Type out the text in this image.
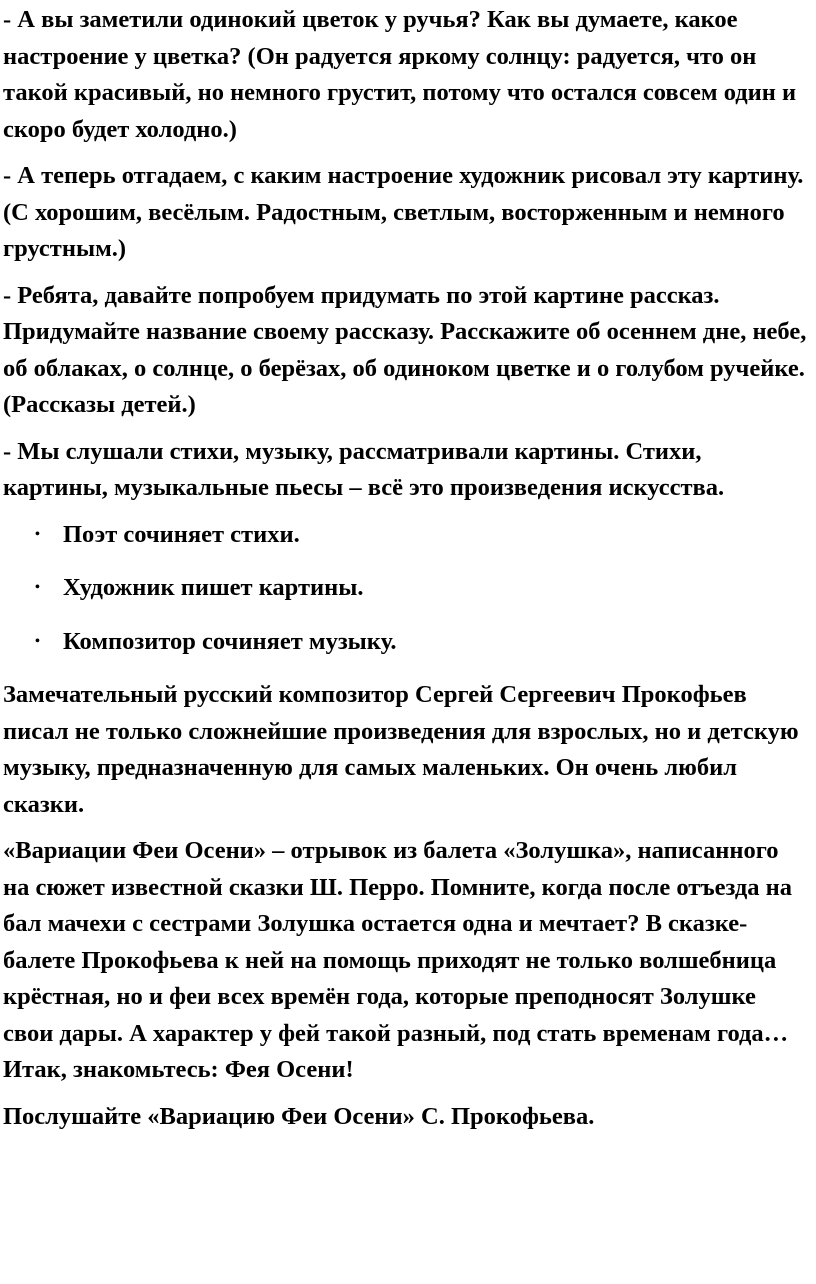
- А вы заметили одинокий цветок у ручья? Как вы думаете, какое настроение у цветка? (Он радуется яркому солнцу: радуется, что он такой красивый, но немного грустит, потому что остался совсем один и скоро будет холодно.)

- А теперь отгадаем, с каким настроение художник рисовал эту картину. (С хорошим, весёлым. Радостным, светлым, восторженным и немного грустным.)

- Ребята, давайте попробуем придумать по этой картине рассказ. Придумайте название своему рассказу. Расскажите об осеннем дне, небе, об облаках, о солнце, о берёзах, об одиноком цветке и о голубом ручейке. (Рассказы детей.)

- Мы слушали стихи, музыку, рассматривали картины. Стихи, картины, музыкальные пьесы – всё это произведения искусства.

• Поэт сочиняет стихи.
• Художник пишет картины.
• Композитор сочиняет музыку.

Замечательный русский композитор Сергей Сергеевич Прокофьев писал не только сложнейшие произведения для взрослых, но и детскую музыку, предназначенную для самых маленьких. Он очень любил сказки.

«Вариации Феи Осени» – отрывок из балета «Золушка», написанного на сюжет известной сказки Ш. Перро. Помните, когда после отъезда на бал мачехи с сестрами Золушка остается одна и мечтает? В сказке-балете Прокофьева к ней на помощь приходят не только волшебница крёстная, но и феи всех времён года, которые преподносят Золушке свои дары. А характер у фей такой разный, под стать временам года… Итак, знакомьтесь: Фея Осени!

Послушайте «Вариацию Феи Осени» С. Прокофьева.
